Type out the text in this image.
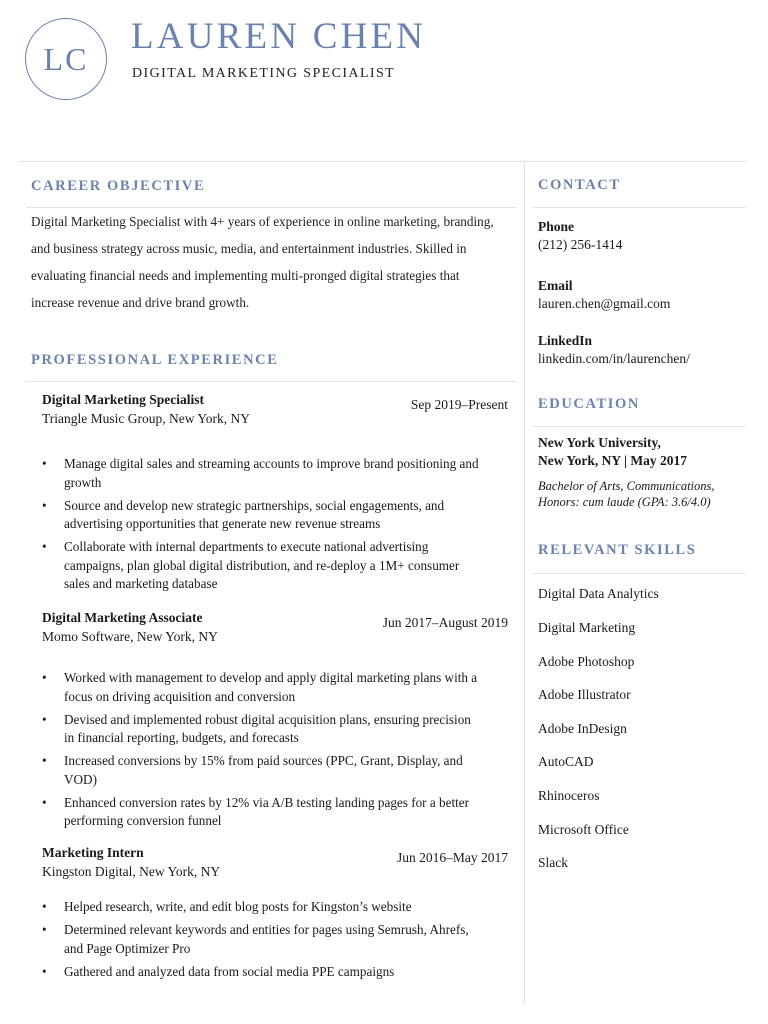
LC
LAUREN CHEN
DIGITAL MARKETING SPECIALIST
CAREER OBJECTIVE
Digital Marketing Specialist with 4+ years of experience in online marketing, branding, and business strategy across music, media, and entertainment industries. Skilled in evaluating financial needs and implementing multi-pronged digital strategies that increase revenue and drive brand growth.
PROFESSIONAL EXPERIENCE
Digital Marketing Specialist
Triangle Music Group, New York, NY
Sep 2019–Present
• Manage digital sales and streaming accounts to improve brand positioning and growth
• Source and develop new strategic partnerships, social engagements, and advertising opportunities that generate new revenue streams
• Collaborate with internal departments to execute national advertising campaigns, plan global digital distribution, and re-deploy a 1M+ consumer sales and marketing database
Digital Marketing Associate
Momo Software, New York, NY
Jun 2017–August 2019
• Worked with management to develop and apply digital marketing plans with a focus on driving acquisition and conversion
• Devised and implemented robust digital acquisition plans, ensuring precision in financial reporting, budgets, and forecasts
• Increased conversions by 15% from paid sources (PPC, Grant, Display, and VOD)
• Enhanced conversion rates by 12% via A/B testing landing pages for a better performing conversion funnel
Marketing Intern
Kingston Digital, New York, NY
Jun 2016–May 2017
• Helped research, write, and edit blog posts for Kingston’s website
• Determined relevant keywords and entities for pages using Semrush, Ahrefs, and Page Optimizer Pro
• Gathered and analyzed data from social media PPE campaigns
CONTACT
Phone
(212) 256-1414
Email
lauren.chen@gmail.com
LinkedIn
linkedin.com/in/laurenchen/
EDUCATION
New York University,
New York, NY | May 2017
Bachelor of Arts, Communications, Honors: cum laude (GPA: 3.6/4.0)
RELEVANT SKILLS
Digital Data Analytics
Digital Marketing
Adobe Photoshop
Adobe Illustrator
Adobe InDesign
AutoCAD
Rhinoceros
Microsoft Office
Slack
